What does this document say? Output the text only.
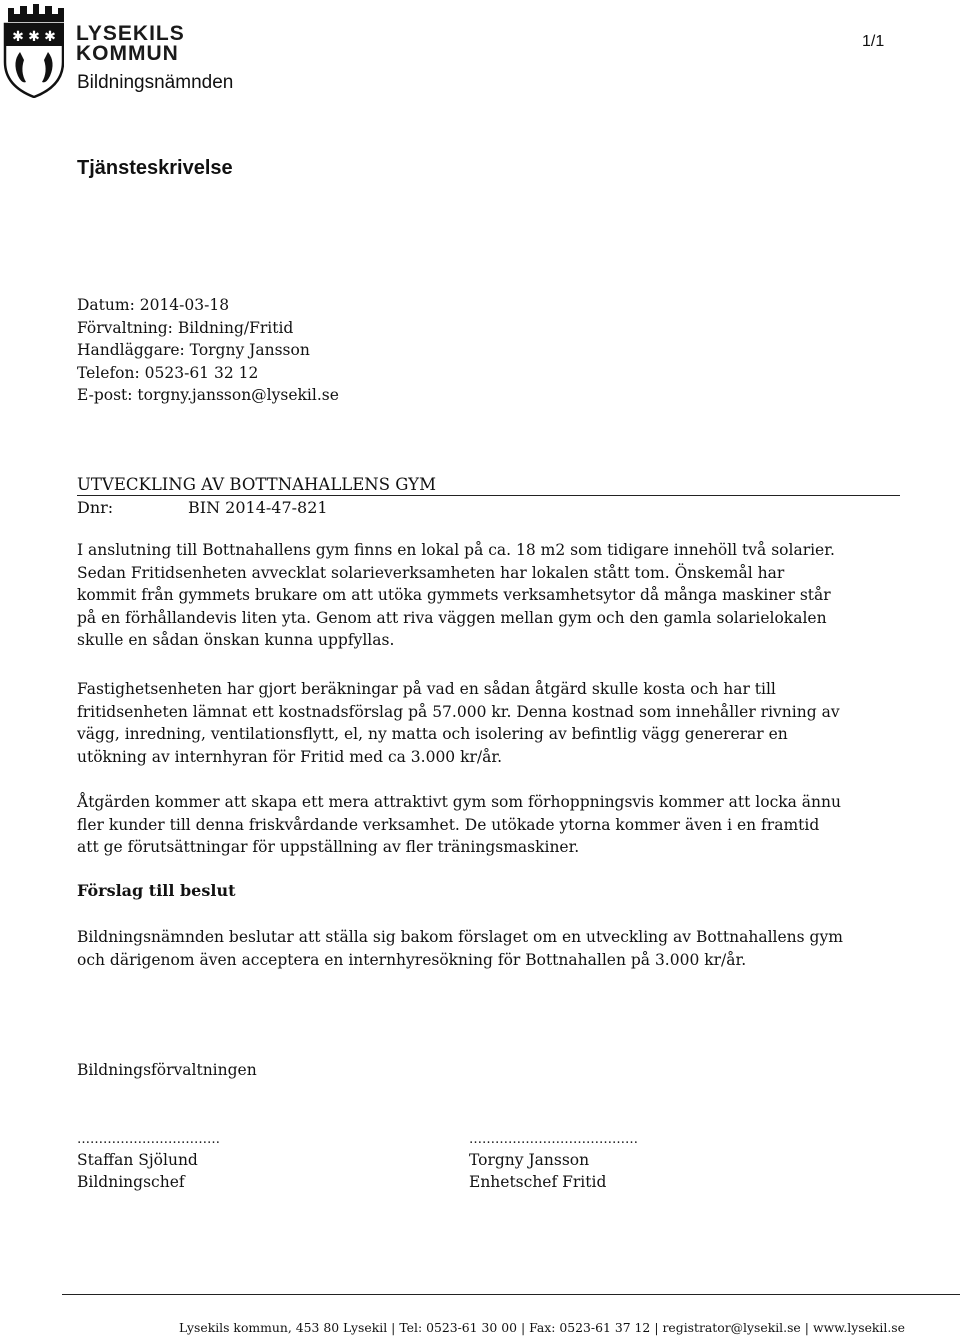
✱ ✱ ✱ LYSEKILS
KOMMUN
Bildningsnämnden
1/1
Tjänsteskrivelse
Datum: 2014-03-18
Förvaltning: Bildning/Fritid
Handläggare: Torgny Jansson
Telefon: 0523-61 32 12
E-post: torgny.jansson@lysekil.se
UTVECKLING AV BOTTNAHALLENS GYM
Dnr:	BIN 2014-47-821
I anslutning till Bottnahallens gym finns en lokal på ca. 18 m2 som tidigare innehöll två solarier.
Sedan Fritidsenheten avvecklat solarieverksamheten har lokalen stått tom. Önskemål har
kommit från gymmets brukare om att utöka gymmets verksamhetsytor då många maskiner står
på en förhållandevis liten yta. Genom att riva väggen mellan gym och den gamla solarielokalen
skulle en sådan önskan kunna uppfyllas.
Fastighetsenheten har gjort beräkningar på vad en sådan åtgärd skulle kosta och har till
fritidsenheten lämnat ett kostnadsförslag på 57.000 kr. Denna kostnad som innehåller rivning av
vägg, inredning, ventilationsflytt, el, ny matta och isolering av befintlig vägg genererar en
utökning av internhyran för Fritid med ca 3.000 kr/år.
Åtgärden kommer att skapa ett mera attraktivt gym som förhoppningsvis kommer att locka ännu
fler kunder till denna friskvårdande verksamhet. De utökade ytorna kommer även i en framtid
att ge förutsättningar för uppställning av fler träningsmaskiner.
Förslag till beslut
Bildningsnämnden beslutar att ställa sig bakom förslaget om en utveckling av Bottnahallens gym
och därigenom även acceptera en internhyresökning för Bottnahallen på 3.000 kr/år.
Bildningsförvaltningen
……………………………	…………………………………
Staffan Sjölund
Bildningschef
Torgny Jansson
Enhetschef Fritid
Lysekils kommun, 453 80 Lysekil | Tel: 0523-61 30 00 | Fax: 0523-61 37 12 | registrator@lysekil.se | www.lysekil.se
